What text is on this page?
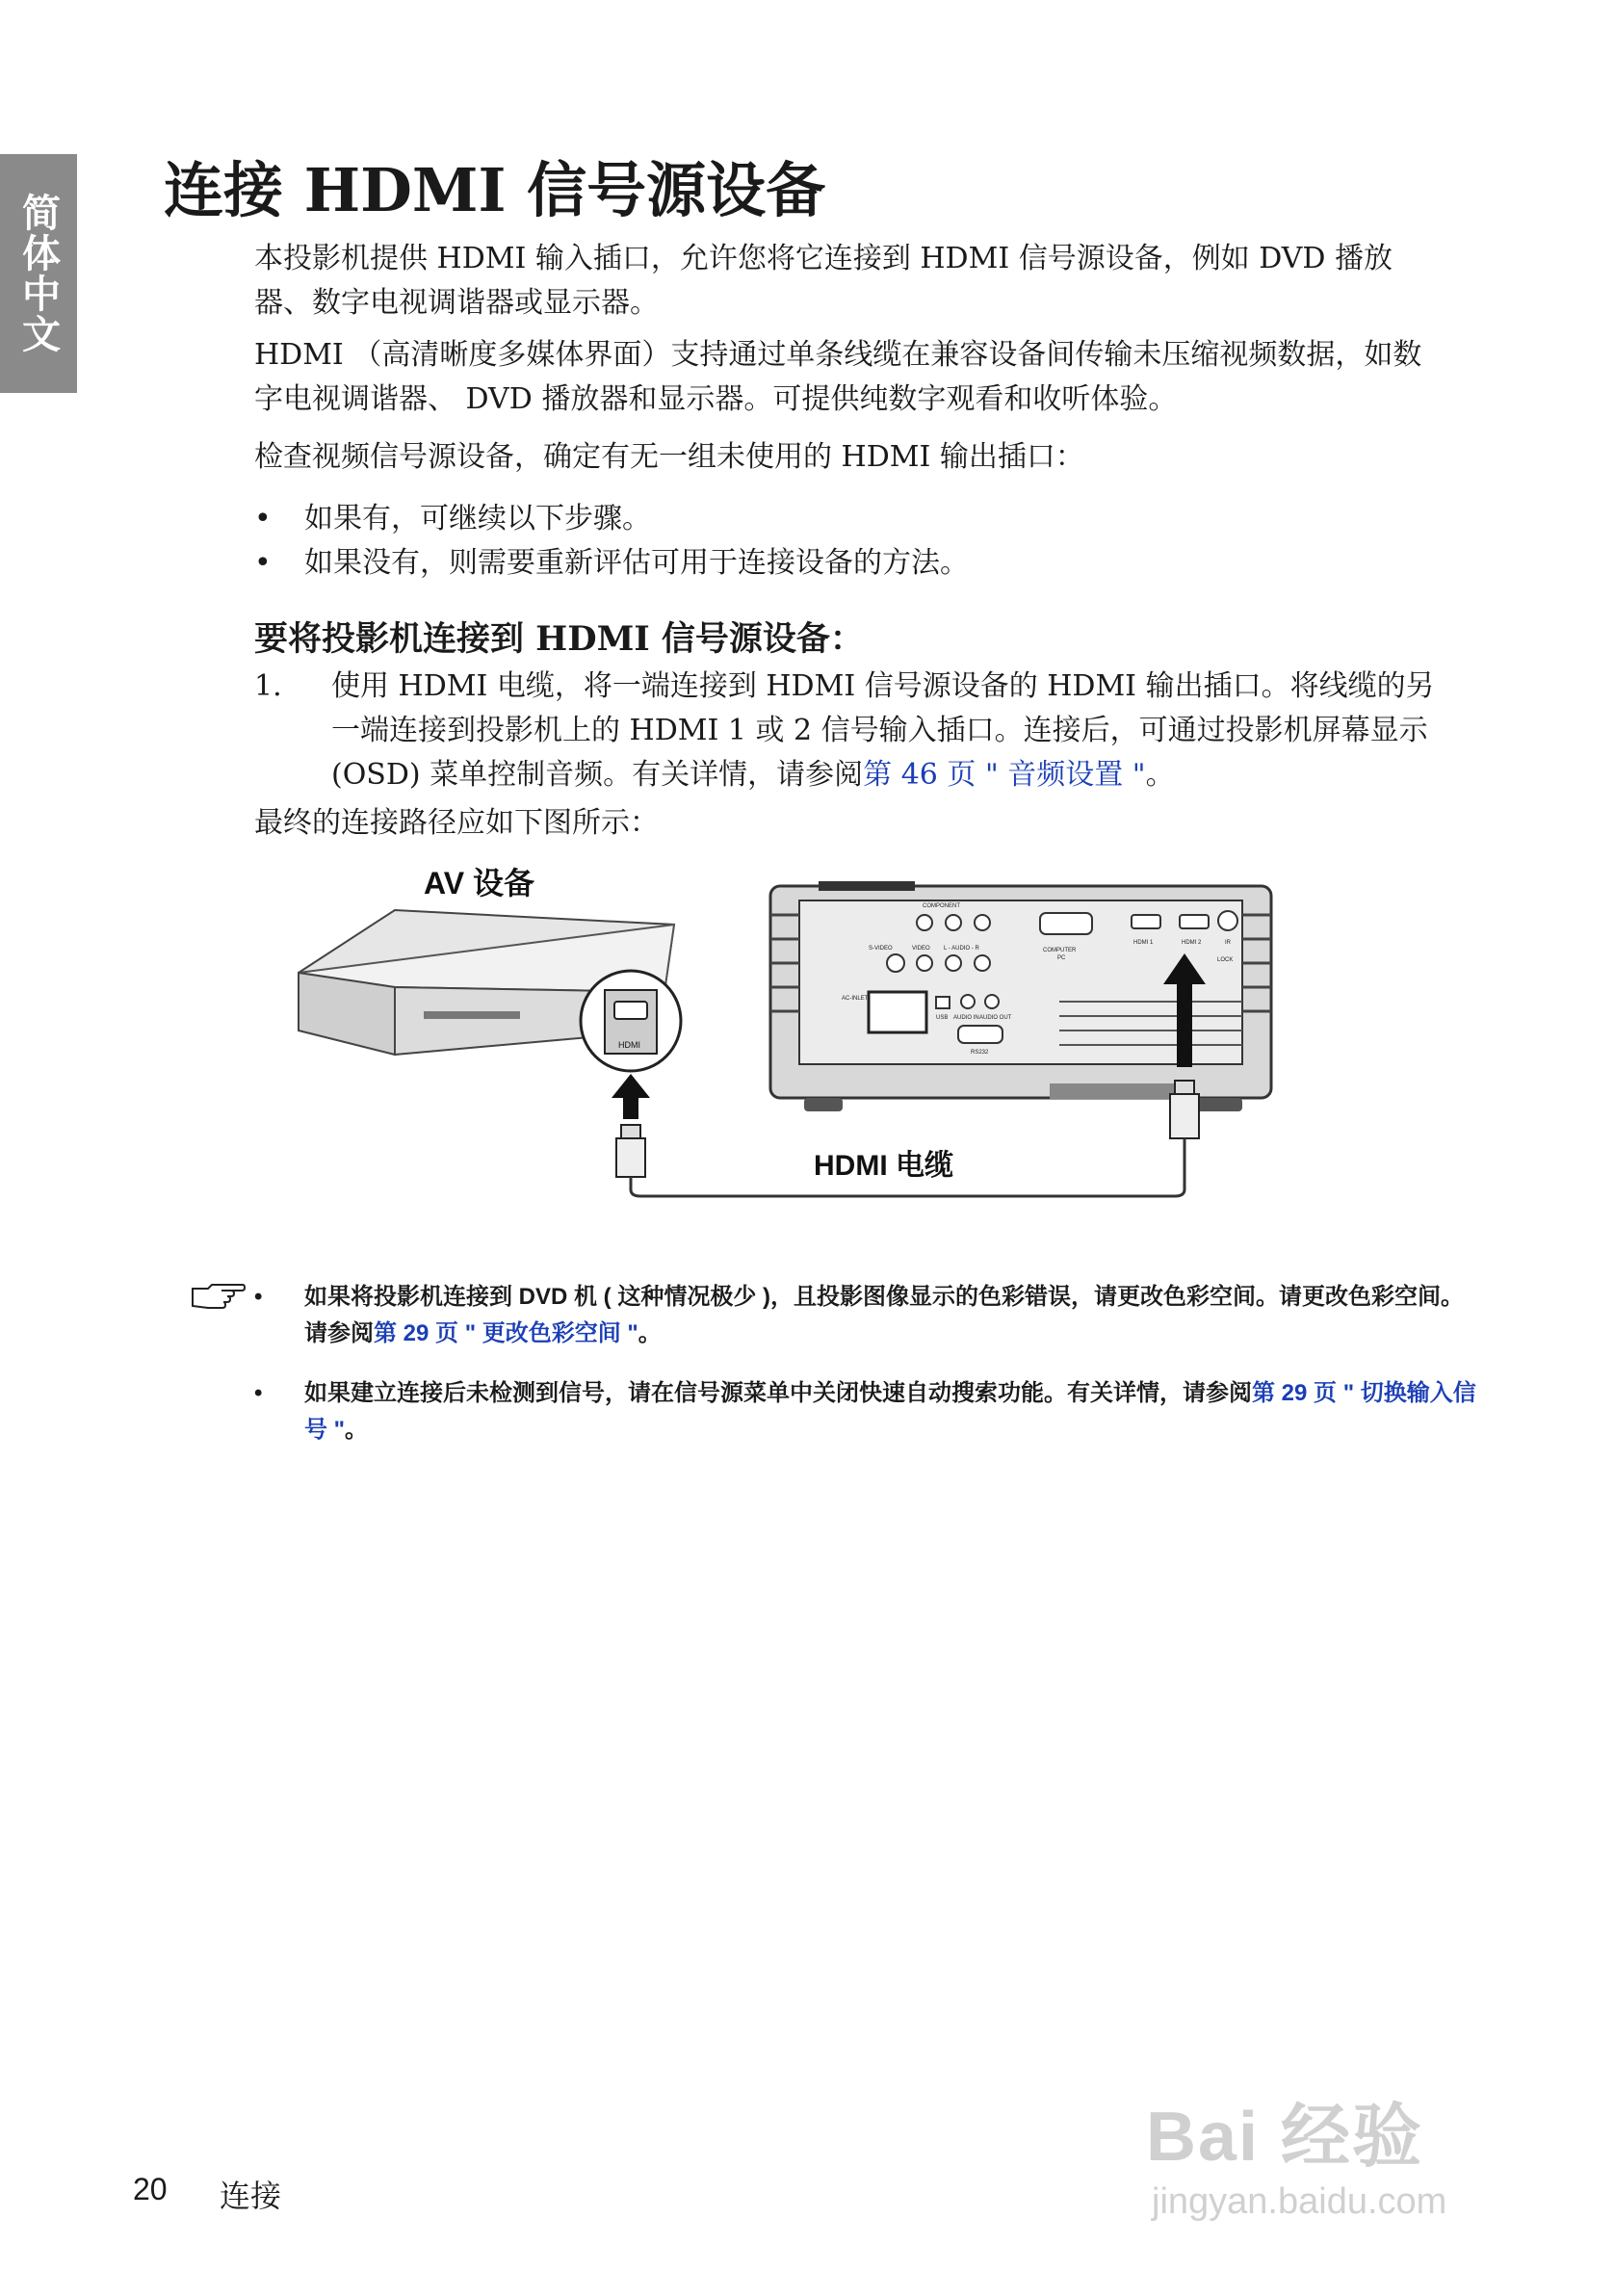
简体中文
连接 HDMI 信号源设备
本投影机提供 HDMI 输入插口，允许您将它连接到 HDMI 信号源设备，例如 DVD 播放器、数字电视调谐器或显示器。
HDMI （高清晰度多媒体界面）支持通过单条线缆在兼容设备间传输未压缩视频数据，如数字电视调谐器、 DVD 播放器和显示器。可提供纯数字观看和收听体验。
检查视频信号源设备，确定有无一组未使用的 HDMI 输出插口：
• 如果有，可继续以下步骤。
• 如果没有，则需要重新评估可用于连接设备的方法。
要将投影机连接到 HDMI 信号源设备：
1. 使用 HDMI 电缆，将一端连接到 HDMI 信号源设备的 HDMI 输出插口。将线缆的另一端连接到投影机上的 HDMI 1 或 2 信号输入插口。连接后，可通过投影机屏幕显示 (OSD) 菜单控制音频。有关详情，请参阅第 46 页 " 音频设置 "。
最终的连接路径应如下图所示：
AV 设备
HDMI
COMPONENT
S-VIDEO	VIDEO L - AUDIO - R
AC-INLET
USB AUDIO IN AUDIO OUT
RS232
COMPUTER
PC
HDMI 1	HDMI 2	IR
LOCK
HDMI 电缆
• 如果将投影机连接到 DVD 机 ( 这种情况极少 )，且投影图像显示的色彩错误，请更改色彩空间。请更改色彩空间。请参阅第 29 页 " 更改色彩空间 "。
• 如果建立连接后未检测到信号，请在信号源菜单中关闭快速自动搜索功能。有关详情，请参阅第 29 页 " 切换输入信号 "。
20 连接
Bai 经验
jingyan.baidu.com
